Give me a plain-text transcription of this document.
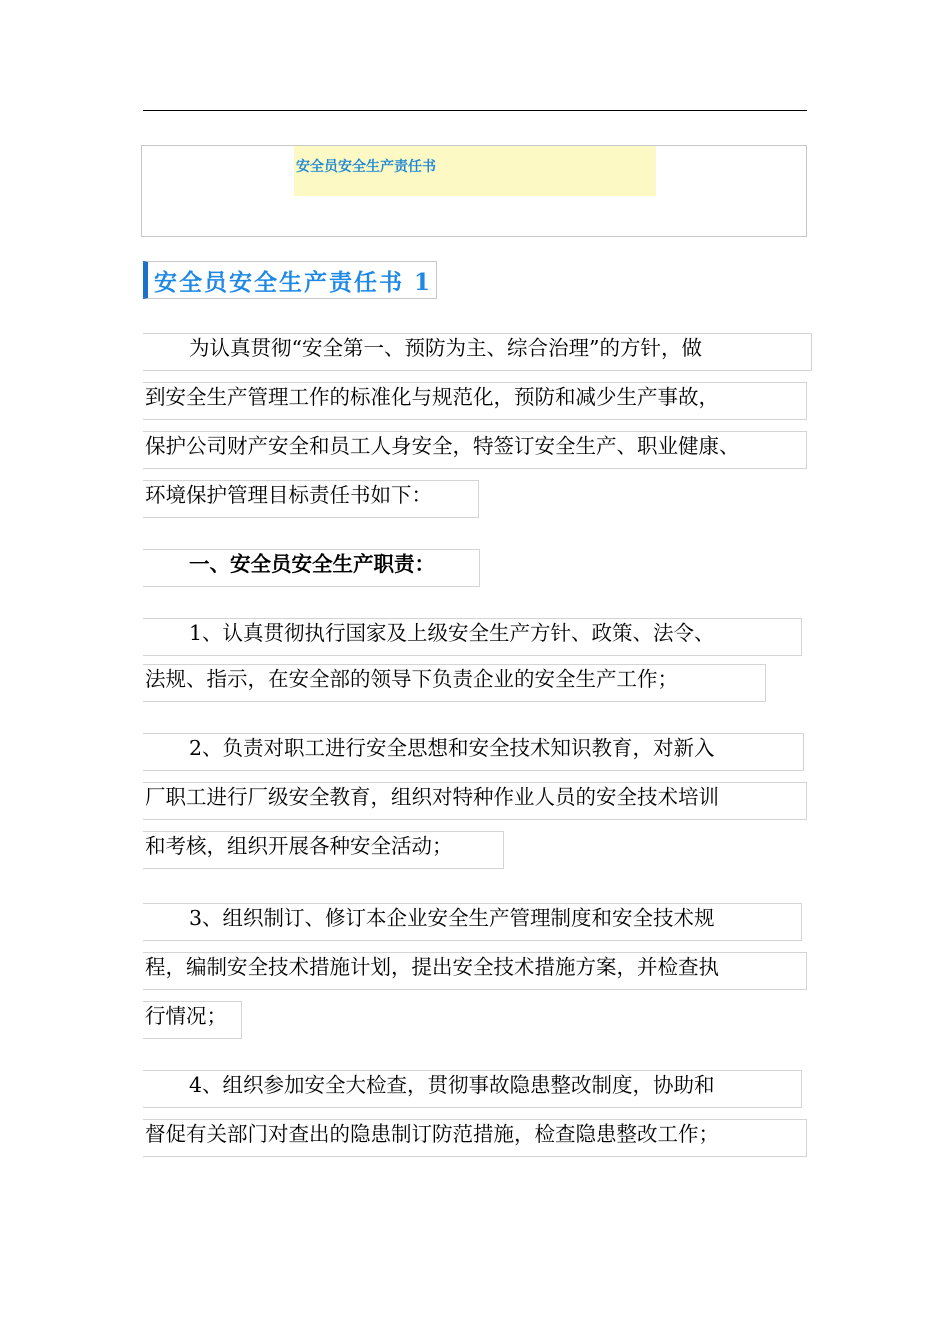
安全员安全生产责任书
安全员安全生产责任书 1
为认真贯彻“安全第一、预防为主、综合治理”的方针，做
到安全生产管理工作的标准化与规范化，预防和减少生产事故，
保护公司财产安全和员工人身安全，特签订安全生产、职业健康、
环境保护管理目标责任书如下：
一、安全员安全生产职责：
1、认真贯彻执行国家及上级安全生产方针、政策、法令、
法规、指示，在安全部的领导下负责企业的安全生产工作；
2、负责对职工进行安全思想和安全技术知识教育，对新入
厂职工进行厂级安全教育，组织对特种作业人员的安全技术培训
和考核，组织开展各种安全活动；
3、组织制订、修订本企业安全生产管理制度和安全技术规
程，编制安全技术措施计划，提出安全技术措施方案，并检查执
行情况；
4、组织参加安全大检查，贯彻事故隐患整改制度，协助和
督促有关部门对查出的隐患制订防范措施，检查隐患整改工作；
